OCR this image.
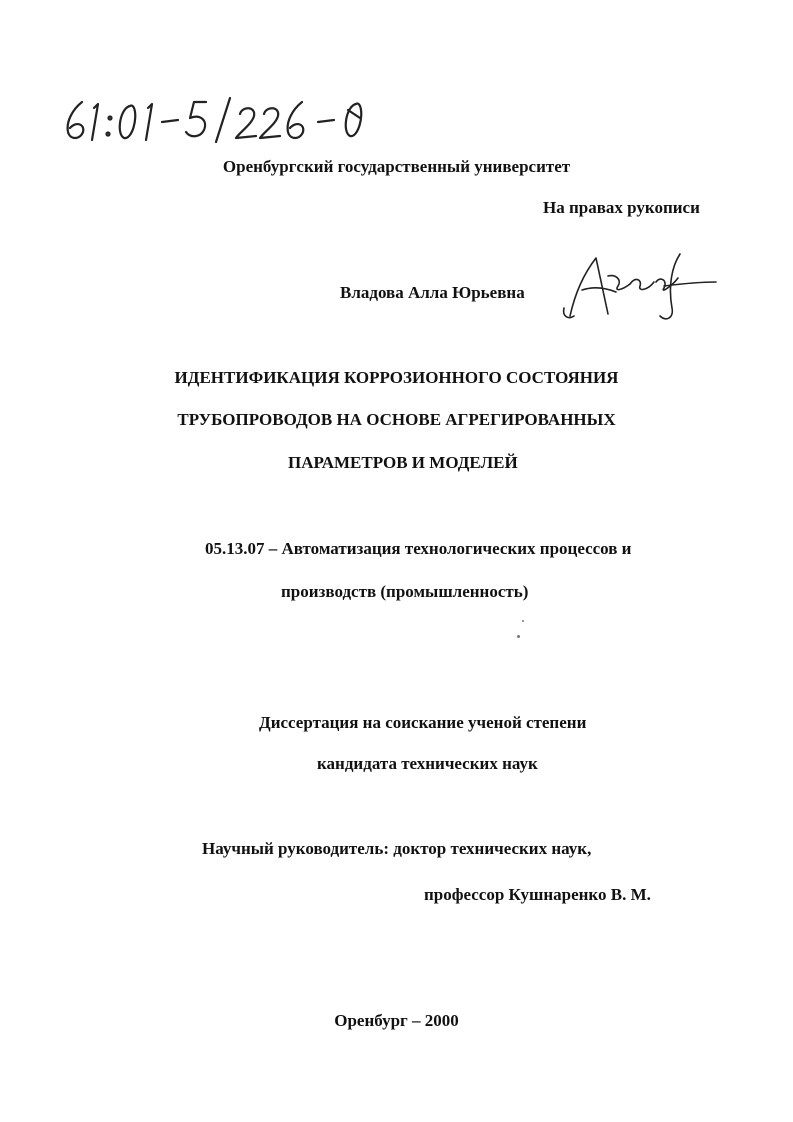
Оренбургский государственный университет
На правах рукописи
Владова Алла Юрьевна
ИДЕНТИФИКАЦИЯ КОРРОЗИОННОГО СОСТОЯНИЯ
ТРУБОПРОВОДОВ НА ОСНОВЕ АГРЕГИРОВАННЫХ
ПАРАМЕТРОВ И МОДЕЛЕЙ
05.13.07 – Автоматизация технологических процессов и
производств (промышленность)
Диссертация на соискание ученой степени
кандидата технических наук
Научный руководитель: доктор технических наук,
профессор Кушнаренко В. М.
Оренбург – 2000
